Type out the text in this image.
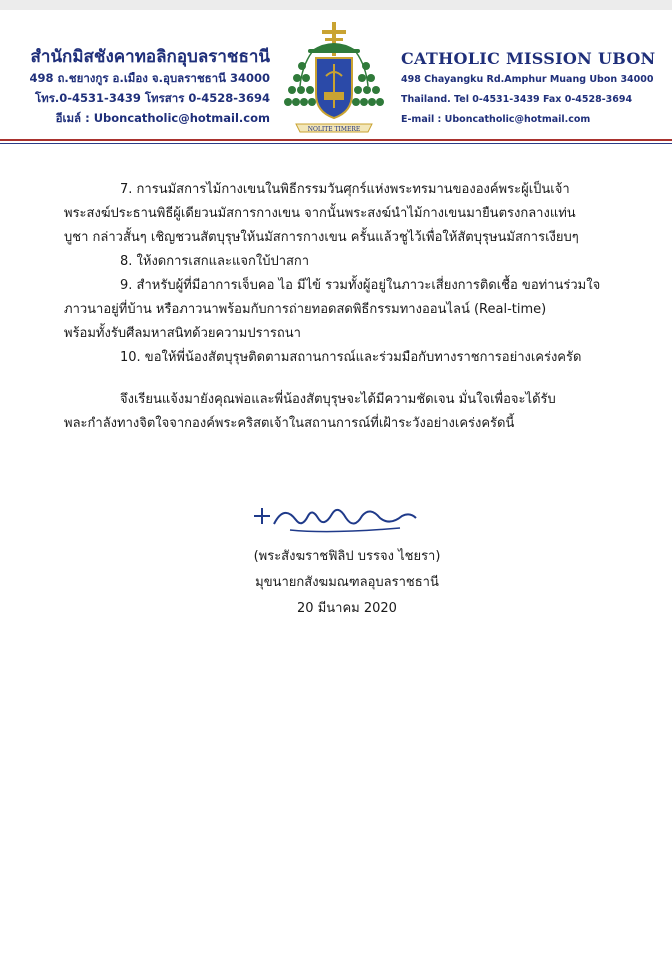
สำนักมิสชังคาทอลิกอุบลราชธานี
498 ถ.ชยางกูร อ.เมือง จ.อุบลราชธานี 34000
โทร.0-4531-3439 โทรสาร 0-4528-3694
อีเมล์ : Uboncatholic@hotmail.com
NOLITE TIMERE
CATHOLIC MISSION UBON
498 Chayangku Rd.Amphur Muang Ubon 34000
Thailand. Tel 0-4531-3439 Fax 0-4528-3694
E-mail : Uboncatholic@hotmail.com

7. การนมัสการไม้กางเขนในพิธีกรรมวันศุกร์แห่งพระทรมานขององค์พระผู้เป็นเจ้า

พระสงฆ์ประธานพิธีผู้เดียวนมัสการกางเขน จากนั้นพระสงฆ์นำไม้กางเขนมายืนตรงกลางแท่น

บูชา กล่าวสั้นๆ เชิญชวนสัตบุรุษให้นมัสการกางเขน ครั้นแล้วชูไว้เพื่อให้สัตบุรุษนมัสการเงียบๆ

8. ให้งดการเสกและแจกใบ้ปาสกา

9. สำหรับผู้ที่มีอาการเจ็บคอ ไอ มีไข้ รวมทั้งผู้อยู่ในภาวะเสี่ยงการติดเชื้อ ขอท่านร่วมใจ

ภาวนาอยู่ที่บ้าน หรือภาวนาพร้อมกับการถ่ายทอดสดพิธีกรรมทางออนไลน์ (Real-time)

พร้อมทั้งรับศีลมหาสนิทด้วยความปรารถนา

10. ขอให้พี่น้องสัตบุรุษติดตามสถานการณ์และร่วมมือกับทางราชการอย่างเคร่งครัด

จึงเรียนแจ้งมายังคุณพ่อและพี่น้องสัตบุรุษจะได้มีความชัดเจน มั่นใจเพื่อจะได้รับ

พละกำลังทางจิตใจจากองค์พระคริสตเจ้าในสถานการณ์ที่เฝ้าระวังอย่างเคร่งครัดนี้

(พระสังฆราชฟิลิป บรรจง ไชยรา)
มุขนายกสังฆมณฑลอุบลราชธานี
20 มีนาคม 2020
